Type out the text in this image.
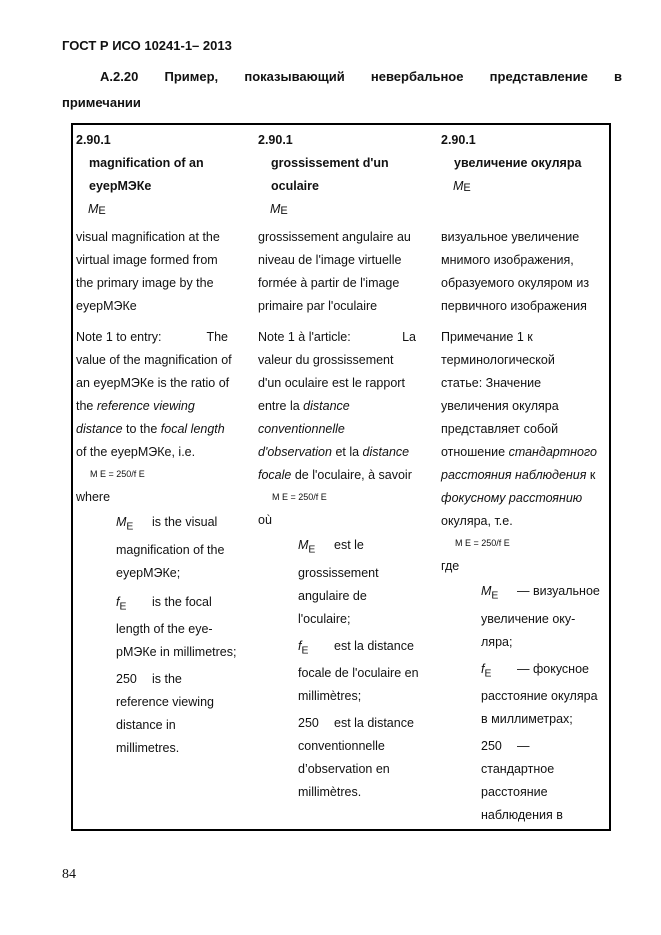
ГОСТ Р ИСО 10241-1– 2013
А.2.20 Пример, показывающий невербальное представление в
примечании
2.90.1
magnification of an
eyepМЭКe
$M_E$
visual magnification at the
virtual image formed from
the primary image by the
eyepМЭКe
Note 1 to entry:	The
value of the magnification of
an eyepМЭКe is the ratio of
the reference viewing
distance to the focal length
of the eyepМЭКe, i.e.
M E = 250/f E
where
$M_E$ is the visual
magnification of the
eyepМЭКe;
$f_E$ is the focal
length of the eye-
pМЭКe in millimetres;
250 is the
reference viewing
distance in
millimetres.
2.90.1
grossissement d'un
oculaire
$M_E$
grossissement angulaire au
niveau de l'image virtuelle
formée à partir de l'image
primaire par l'oculaire
Note 1 à l'article:	La
valeur du grossissement
d'un oculaire est le rapport
entre la distance
conventionnelle
d'observation et la distance
focale de l'oculaire, à savoir
M E = 250/f E
où
$M_E$ est le
grossissement
angulaire de
l'oculaire;
$f_E$ est la distance
focale de l'oculaire en
millimètres;
250 est la distance
conventionnelle
d’observation en
millimètres.
2.90.1
увеличение окуляра
$M_E$
визуальное увеличение
мнимого изображения,
образуемого окуляром из
первичного изображения
Примечание 1 к
терминологической
статье: Значение
увеличения окуляра
представляет собой
отношение стандартного
расстояния наблюдения к
фокусному расстоянию
окуляра, т.е.
M E = 250/f E
где
$M_E$ — визуальное
увеличение оку-
ляра;
$f_E$ — фокусное
расстояние окуляра
в миллиметрах;
250 —
стандартное
расстояние
наблюдения в
84
